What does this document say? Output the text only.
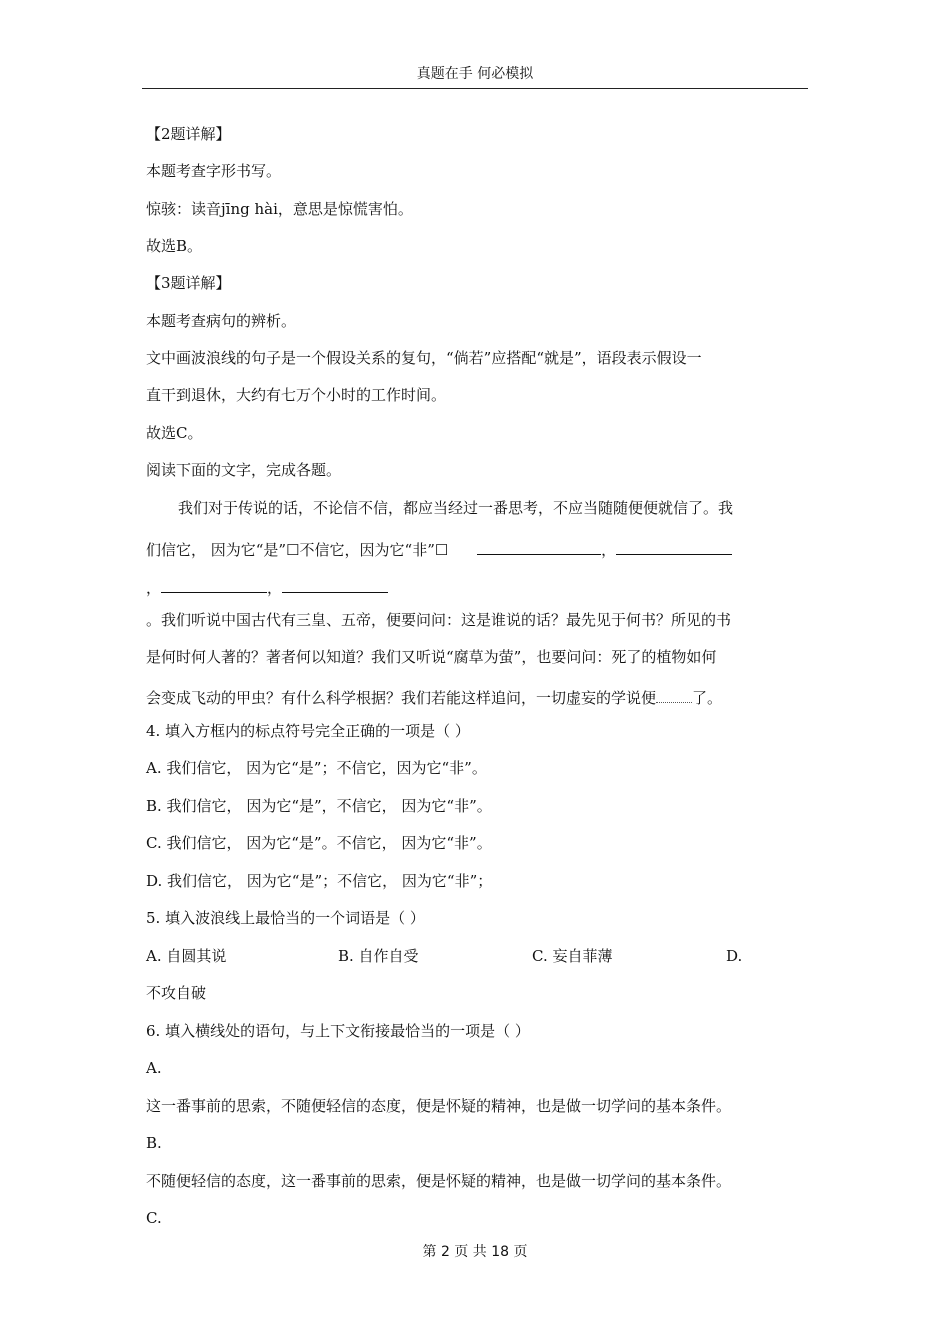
真题在手 何必模拟
【2题详解】
本题考查字形书写。
惊骇：读音jīng hài，意思是惊慌害怕。
故选B。
【3题详解】
本题考查病句的辨析。
文中画波浪线的句子是一个假设关系的复句，“倘若”应搭配“就是”，语段表示假设一
直干到退休，大约有七万个小时的工作时间。
故选C。
阅读下面的文字，完成各题。
我们对于传说的话，不论信不信，都应当经过一番思考，不应当随随便便就信了。我
们信它， 因为它“是”☐不信它，因为它“非”☐	，
，	，
。我们听说中国古代有三皇、五帝，便要问问：这是谁说的话？最先见于何书？所见的书
是何时何人著的？著者何以知道？我们又听说“腐草为萤”，也要问问：死了的植物如何
会变成飞动的甲虫？有什么科学根据？我们若能这样追问，一切虚妄的学说便 了。
4. 填入方框内的标点符号完全正确的一项是（ ）
A. 我们信它， 因为它“是”；不信它，因为它“非”。
B. 我们信它， 因为它“是”，不信它， 因为它“非”。
C. 我们信它， 因为它“是”。不信它， 因为它“非”。
D. 我们信它， 因为它“是”；不信它， 因为它“非”；
5. 填入波浪线上最恰当的一个词语是（ ）
A. 自圆其说	B. 自作自受	C. 妄自菲薄	D.
不攻自破
6. 填入横线处的语句，与上下文衔接最恰当的一项是（ ）
A.
这一番事前的思索，不随便轻信的态度，便是怀疑的精神，也是做一切学问的基本条件。
B.
不随便轻信的态度，这一番事前的思索，便是怀疑的精神，也是做一切学问的基本条件。
C.
第 2 页 共 18 页
